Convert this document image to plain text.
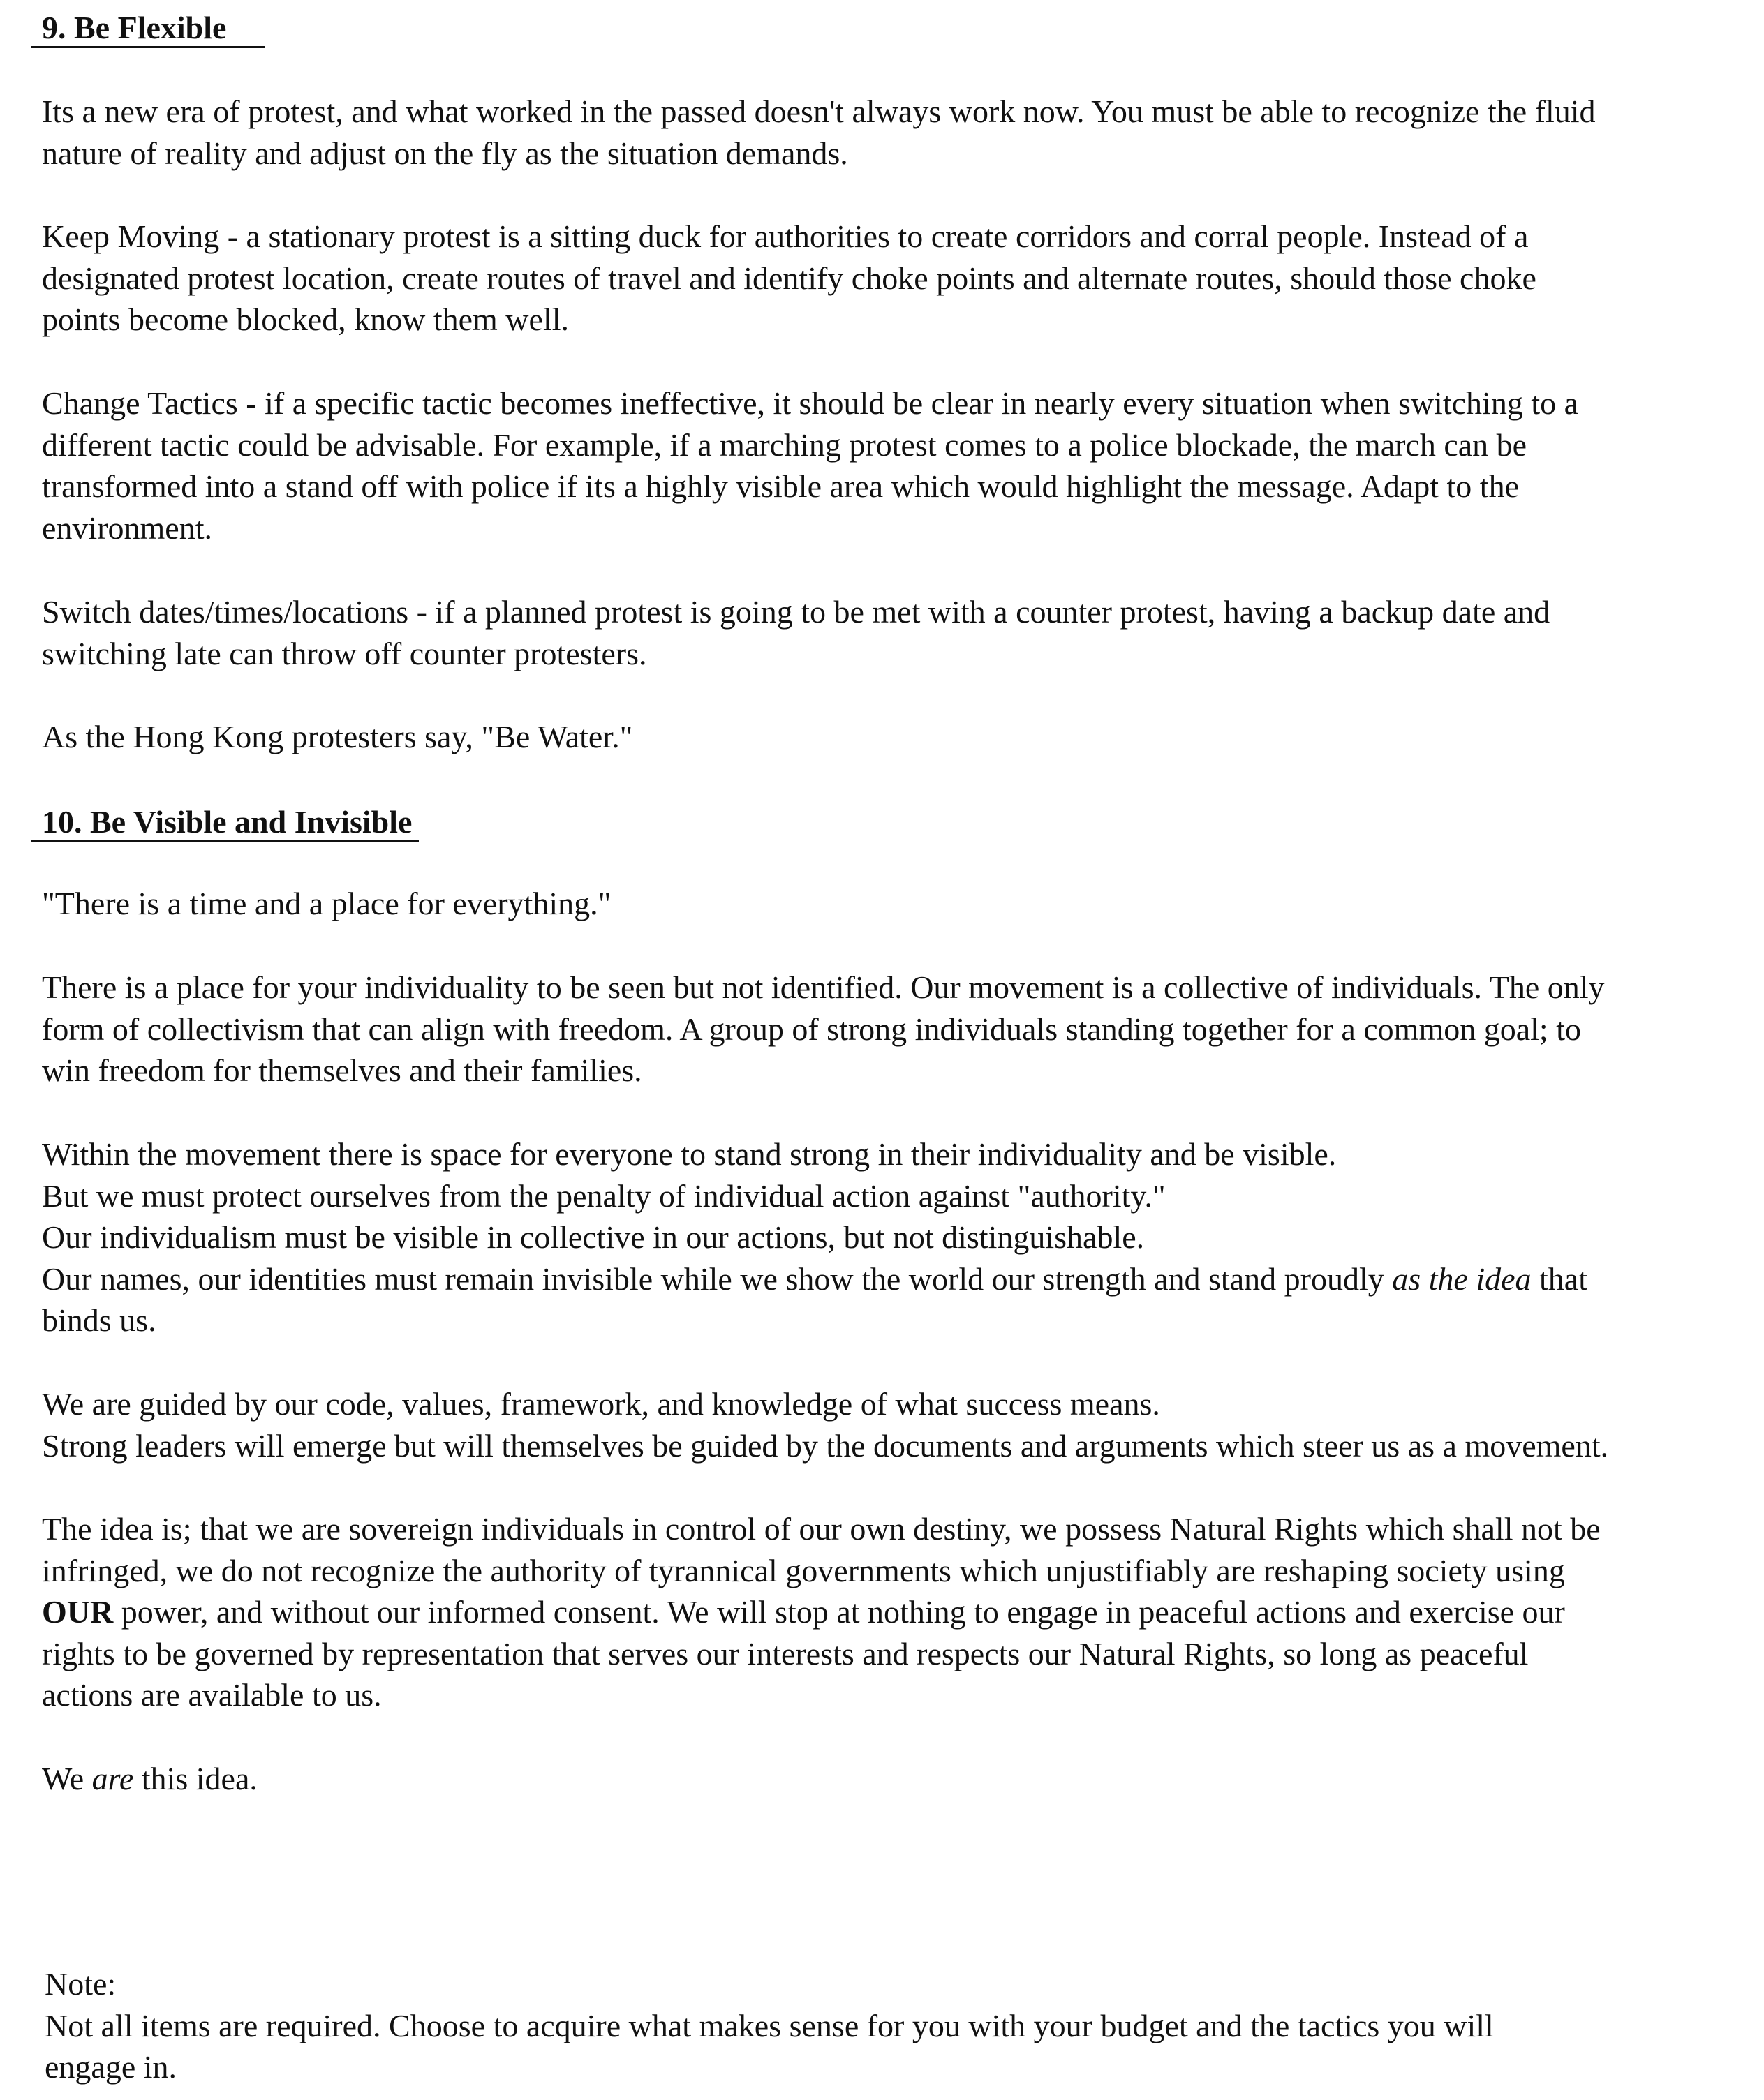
9. Be Flexible

Its a new era of protest, and what worked in the passed doesn't always work now. You must be able to recognize the fluid
nature of reality and adjust on the fly as the situation demands.

Keep Moving - a stationary protest is a sitting duck for authorities to create corridors and corral people. Instead of a
designated protest location, create routes of travel and identify choke points and alternate routes, should those choke
points become blocked, know them well.

Change Tactics - if a specific tactic becomes ineffective, it should be clear in nearly every situation when switching to a
different tactic could be advisable. For example, if a marching protest comes to a police blockade, the march can be
transformed into a stand off with police if its a highly visible area which would highlight the message. Adapt to the
environment.

Switch dates/times/locations - if a planned protest is going to be met with a counter protest, having a backup date and
switching late can throw off counter protesters.

As the Hong Kong protesters say, "Be Water."

10. Be Visible and Invisible

"There is a time and a place for everything."

There is a place for your individuality to be seen but not identified. Our movement is a collective of individuals. The only
form of collectivism that can align with freedom. A group of strong individuals standing together for a common goal; to
win freedom for themselves and their families.

Within the movement there is space for everyone to stand strong in their individuality and be visible.
But we must protect ourselves from the penalty of individual action against "authority."
Our individualism must be visible in collective in our actions, but not distinguishable.
Our names, our identities must remain invisible while we show the world our strength and stand proudly as the idea that
binds us.

We are guided by our code, values, framework, and knowledge of what success means.
Strong leaders will emerge but will themselves be guided by the documents and arguments which steer us as a movement.

The idea is; that we are sovereign individuals in control of our own destiny, we possess Natural Rights which shall not be
infringed, we do not recognize the authority of tyrannical governments which unjustifiably are reshaping society using
OUR power, and without our informed consent. We will stop at nothing to engage in peaceful actions and exercise our
rights to be governed by representation that serves our interests and respects our Natural Rights, so long as peaceful
actions are available to us.

We are this idea.

Note:
Not all items are required. Choose to acquire what makes sense for you with your budget and the tactics you will
engage in.
